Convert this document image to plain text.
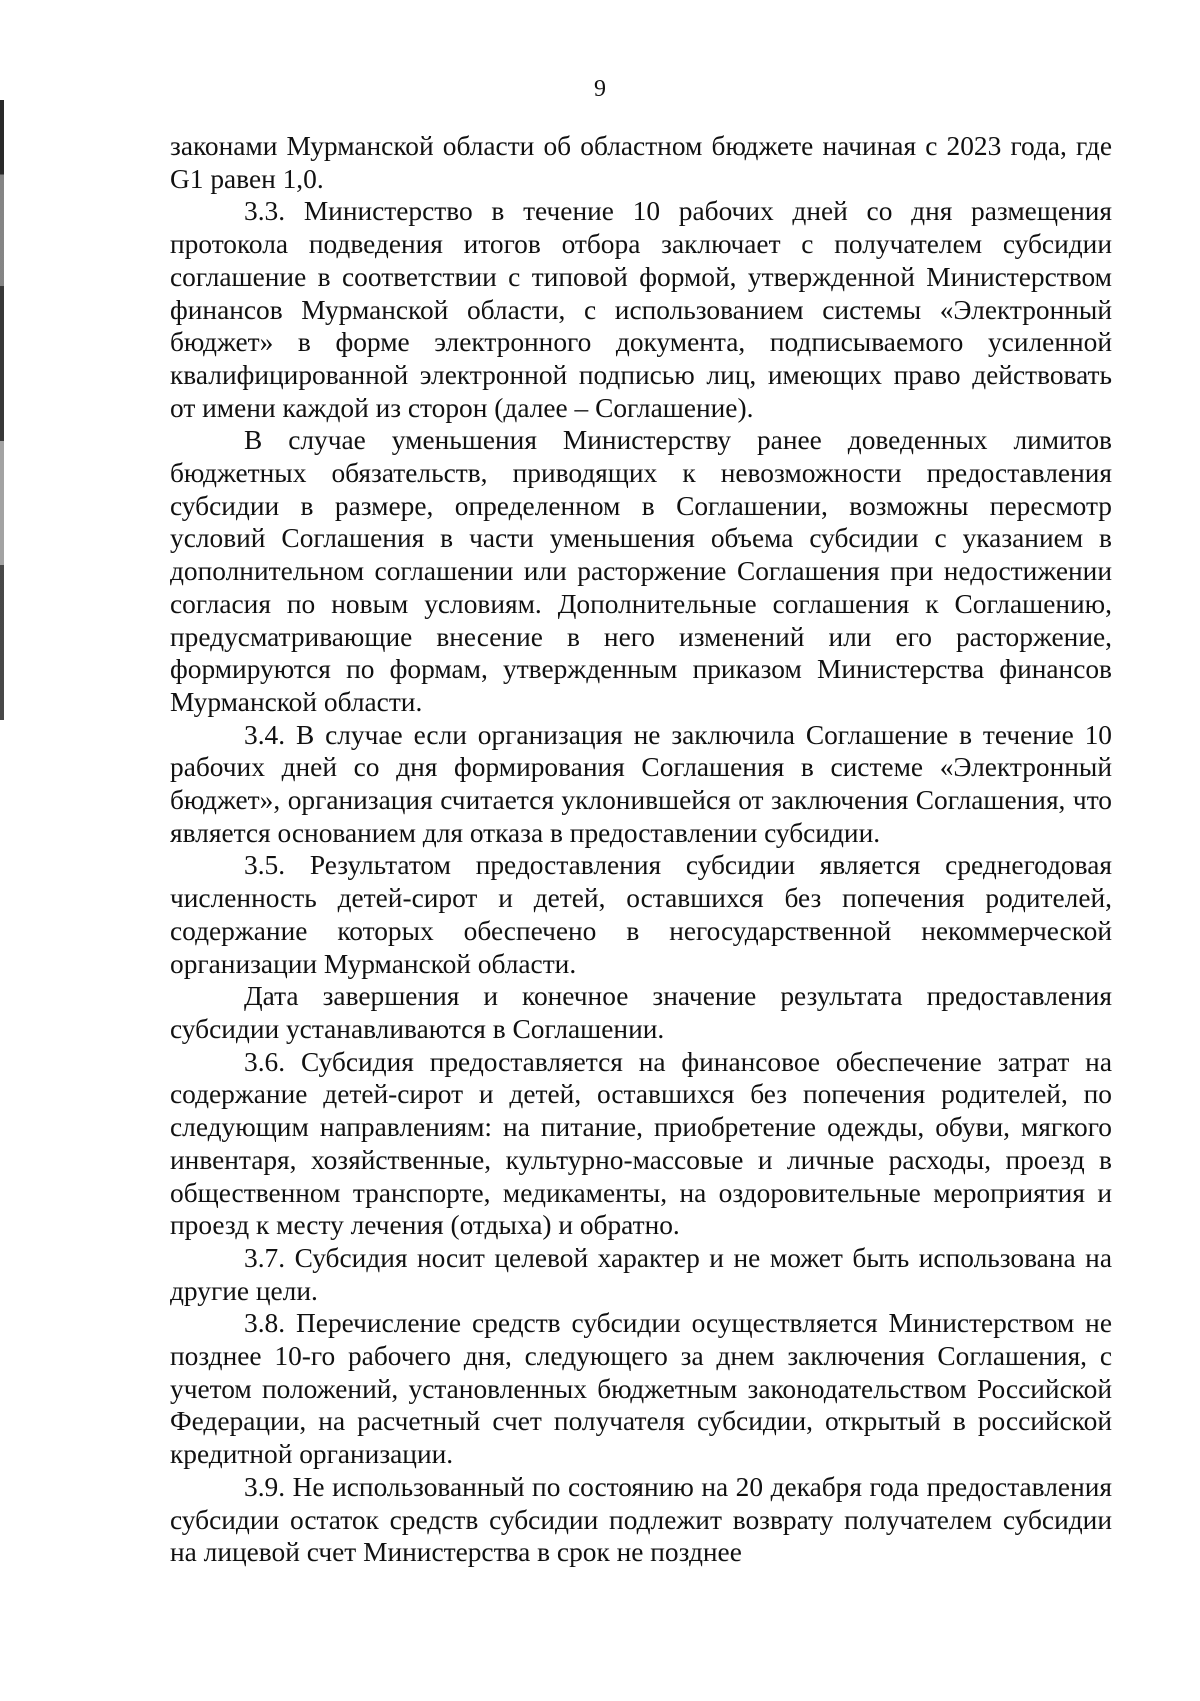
9

законами Мурманской области об областном бюджете начиная с 2023 года, где G1 равен 1,0.

3.3. Министерство в течение 10 рабочих дней со дня размещения протокола подведения итогов отбора заключает с получателем субсидии соглашение в соответствии с типовой формой, утвержденной Министерством финансов Мурманской области, с использованием системы «Электронный бюджет» в форме электронного документа, подписываемого усиленной квалифицированной электронной подписью лиц, имеющих право действовать от имени каждой из сторон (далее – Соглашение).

В случае уменьшения Министерству ранее доведенных лимитов бюджетных обязательств, приводящих к невозможности предоставления субсидии в размере, определенном в Соглашении, возможны пересмотр условий Соглашения в части уменьшения объема субсидии с указанием в дополнительном соглашении или расторжение Соглашения при недостижении согласия по новым условиям. Дополнительные соглашения к Соглашению, предусматривающие внесение в него изменений или его расторжение, формируются по формам, утвержденным приказом Министерства финансов Мурманской области.

3.4. В случае если организация не заключила Соглашение в течение 10 рабочих дней со дня формирования Соглашения в системе «Электронный бюджет», организация считается уклонившейся от заключения Соглашения, что является основанием для отказа в предоставлении субсидии.

3.5. Результатом предоставления субсидии является среднегодовая численность детей-сирот и детей, оставшихся без попечения родителей, содержание которых обеспечено в негосударственной некоммерческой организации Мурманской области.

Дата завершения и конечное значение результата предоставления субсидии устанавливаются в Соглашении.

3.6. Субсидия предоставляется на финансовое обеспечение затрат на содержание детей-сирот и детей, оставшихся без попечения родителей, по следующим направлениям: на питание, приобретение одежды, обуви, мягкого инвентаря, хозяйственные, культурно-массовые и личные расходы, проезд в общественном транспорте, медикаменты, на оздоровительные мероприятия и проезд к месту лечения (отдыха) и обратно.

3.7. Субсидия носит целевой характер и не может быть использована на другие цели.

3.8. Перечисление средств субсидии осуществляется Министерством не позднее 10-го рабочего дня, следующего за днем заключения Соглашения, с учетом положений, установленных бюджетным законодательством Российской Федерации, на расчетный счет получателя субсидии, открытый в российской кредитной организации.

3.9. Не использованный по состоянию на 20 декабря года предоставления субсидии остаток средств субсидии подлежит возврату получателем субсидии на лицевой счет Министерства в срок не позднее
